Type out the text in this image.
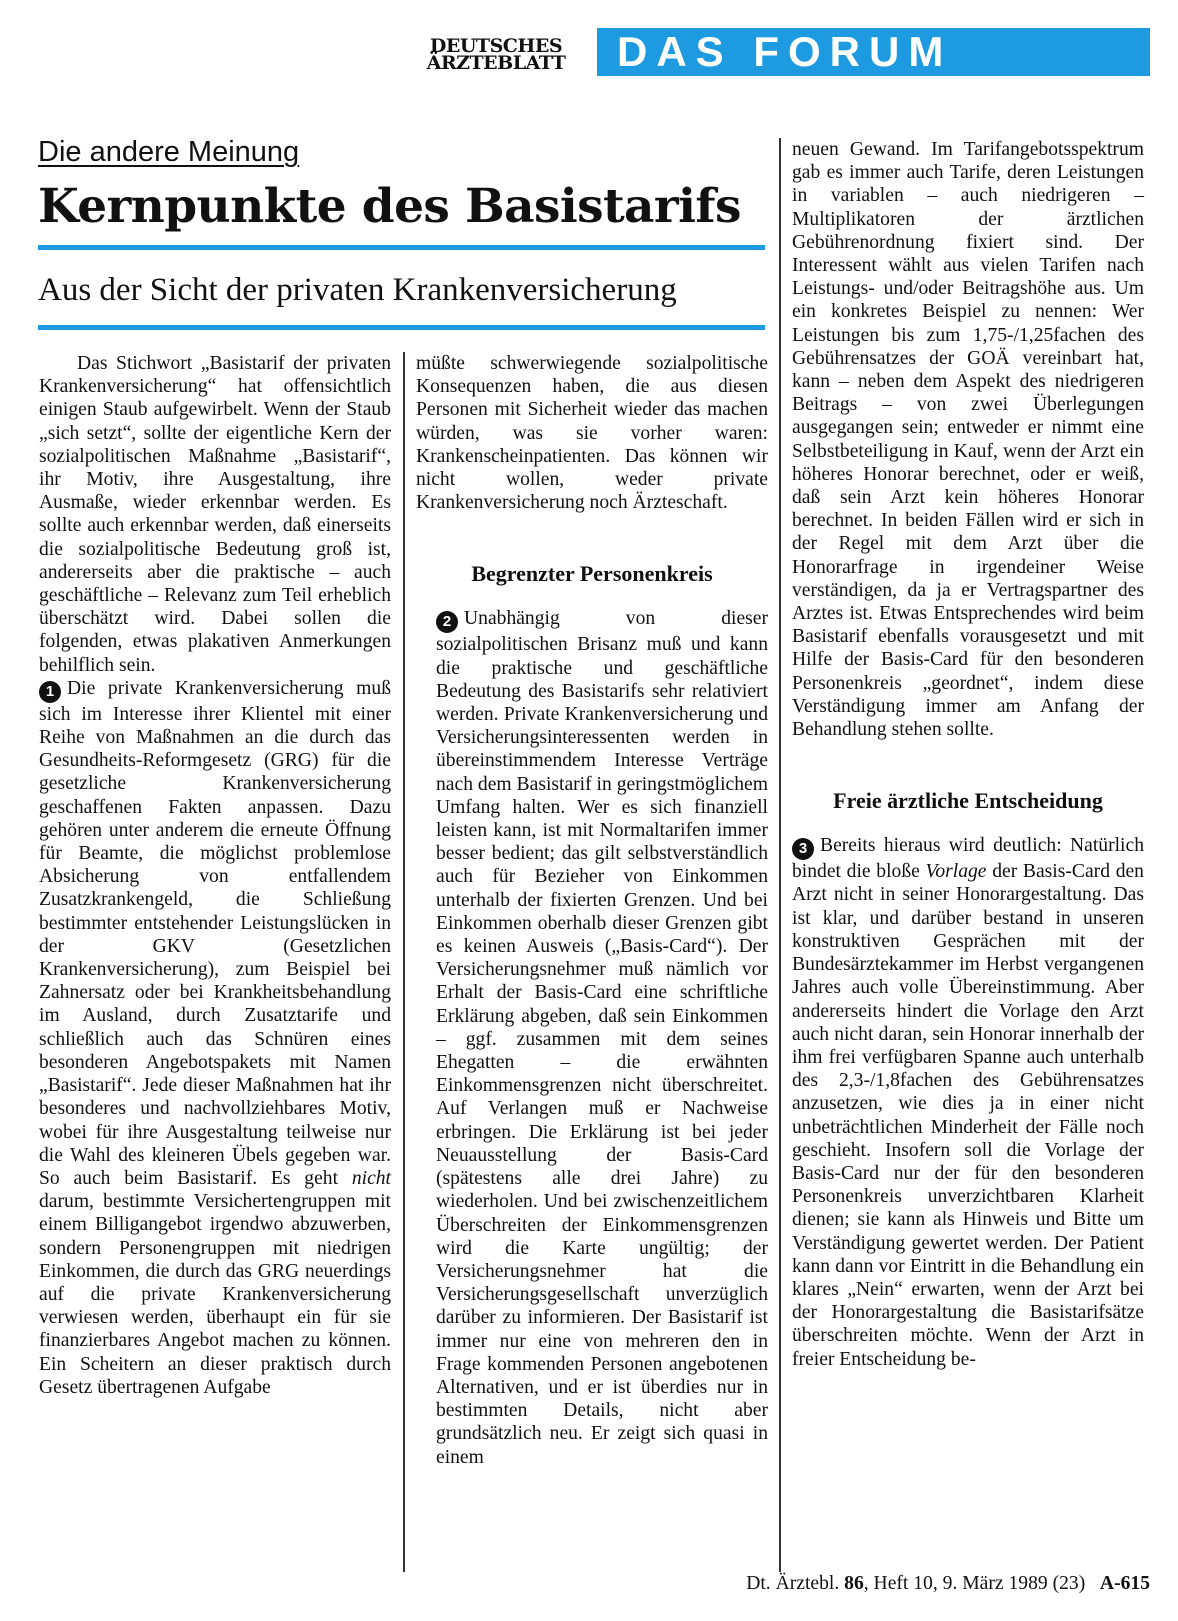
DEUTSCHES
ÄRZTEBLATT	DAS FORUM
Die andere Meinung
Kernpunkte des Basistarifs
Aus der Sicht der privaten Krankenversicherung

Das Stichwort „Basistarif der privaten Krankenversicherung“ hat offensichtlich einigen Staub aufgewirbelt. Wenn der Staub „sich setzt“, sollte der eigentliche Kern der sozialpolitischen Maßnahme „Basistarif“, ihr Motiv, ihre Ausgestaltung, ihre Ausmaße, wieder erkennbar werden. Es sollte auch erkennbar werden, daß einerseits die sozialpolitische Bedeutung groß ist, andererseits aber die praktische – auch geschäftliche – Relevanz zum Teil erheblich überschätzt wird. Dabei sollen die folgenden, etwas plakativen Anmerkungen behilflich sein.

1 Die private Krankenversicherung muß sich im Interesse ihrer Klientel mit einer Reihe von Maßnahmen an die durch das Gesundheits-Reformgesetz (GRG) für die gesetzliche Krankenversicherung geschaffenen Fakten anpassen. Dazu gehören unter anderem die erneute Öffnung für Beamte, die möglichst problemlose Absicherung von entfallendem Zusatzkrankengeld, die Schließung bestimmter entstehender Leistungslücken in der GKV (Gesetzlichen Krankenversicherung), zum Beispiel bei Zahnersatz oder bei Krankheitsbehandlung im Ausland, durch Zusatztarife und schließlich auch das Schnüren eines besonderen Angebotspakets mit Namen „Basistarif“. Jede dieser Maßnahmen hat ihr besonderes und nachvollziehbares Motiv, wobei für ihre Ausgestaltung teilweise nur die Wahl des kleineren Übels gegeben war. So auch beim Basistarif. Es geht nicht darum, bestimmte Versichertengruppen mit einem Billigangebot irgendwo abzuwerben, sondern Personengruppen mit niedrigen Einkommen, die durch das GRG neuerdings auf die private Krankenversicherung verwiesen werden, überhaupt ein für sie finanzierbares Angebot machen zu können. Ein Scheitern an dieser praktisch durch Gesetz übertragenen Aufgabe

müßte schwerwiegende sozialpolitische Konsequenzen haben, die aus diesen Personen mit Sicherheit wieder das machen würden, was sie vorher waren: Krankenscheinpatienten. Das können wir nicht wollen, weder private Krankenversicherung noch Ärzteschaft.

Begrenzter Personenkreis

2 Unabhängig von dieser sozialpolitischen Brisanz muß und kann die praktische und geschäftliche Bedeutung des Basistarifs sehr relativiert werden. Private Krankenversicherung und Versicherungsinteressenten werden in übereinstimmendem Interesse Verträge nach dem Basistarif in geringstmöglichem Umfang halten. Wer es sich finanziell leisten kann, ist mit Normaltarifen immer besser bedient; das gilt selbstverständlich auch für Bezieher von Einkommen unterhalb der fixierten Grenzen. Und bei Einkommen oberhalb dieser Grenzen gibt es keinen Ausweis („Basis-Card“). Der Versicherungsnehmer muß nämlich vor Erhalt der Basis-Card eine schriftliche Erklärung abgeben, daß sein Einkommen – ggf. zusammen mit dem seines Ehegatten – die erwähnten Einkommensgrenzen nicht überschreitet. Auf Verlangen muß er Nachweise erbringen. Die Erklärung ist bei jeder Neuausstellung der Basis-Card (spätestens alle drei Jahre) zu wiederholen. Und bei zwischenzeitlichem Überschreiten der Einkommensgrenzen wird die Karte ungültig; der Versicherungsnehmer hat die Versicherungsgesellschaft unverzüglich darüber zu informieren. Der Basistarif ist immer nur eine von mehreren den in Frage kommenden Personen angebotenen Alternativen, und er ist überdies nur in bestimmten Details, nicht aber grundsätzlich neu. Er zeigt sich quasi in einem

neuen Gewand. Im Tarifangebotsspektrum gab es immer auch Tarife, deren Leistungen in variablen – auch niedrigeren – Multiplikatoren der ärztlichen Gebührenordnung fixiert sind. Der Interessent wählt aus vielen Tarifen nach Leistungs- und/oder Beitragshöhe aus. Um ein konkretes Beispiel zu nennen: Wer Leistungen bis zum 1,75-/1,25fachen des Gebührensatzes der GOÄ vereinbart hat, kann – neben dem Aspekt des niedrigeren Beitrags – von zwei Überlegungen ausgegangen sein; entweder er nimmt eine Selbstbeteiligung in Kauf, wenn der Arzt ein höheres Honorar berechnet, oder er weiß, daß sein Arzt kein höheres Honorar berechnet. In beiden Fällen wird er sich in der Regel mit dem Arzt über die Honorarfrage in irgendeiner Weise verständigen, da ja er Vertragspartner des Arztes ist. Etwas Entsprechendes wird beim Basistarif ebenfalls vorausgesetzt und mit Hilfe der Basis-Card für den besonderen Personenkreis „geordnet“, indem diese Verständigung immer am Anfang der Behandlung stehen sollte.

Freie ärztliche Entscheidung

3 Bereits hieraus wird deutlich: Natürlich bindet die bloße Vorlage der Basis-Card den Arzt nicht in seiner Honorargestaltung. Das ist klar, und darüber bestand in unseren konstruktiven Gesprächen mit der Bundesärztekammer im Herbst vergangenen Jahres auch volle Übereinstimmung. Aber andererseits hindert die Vorlage den Arzt auch nicht daran, sein Honorar innerhalb der ihm frei verfügbaren Spanne auch unterhalb des 2,3-/1,8fachen des Gebührensatzes anzusetzen, wie dies ja in einer nicht unbeträchtlichen Minderheit der Fälle noch geschieht. Insofern soll die Vorlage der Basis-Card nur der für den besonderen Personenkreis unverzichtbaren Klarheit dienen; sie kann als Hinweis und Bitte um Verständigung gewertet werden. Der Patient kann dann vor Eintritt in die Behandlung ein klares „Nein“ erwarten, wenn der Arzt bei der Honorargestaltung die Basistarifsätze überschreiten möchte. Wenn der Arzt in freier Entscheidung be-

Dt. Ärztebl. 86, Heft 10, 9. März 1989 (23) A-615
